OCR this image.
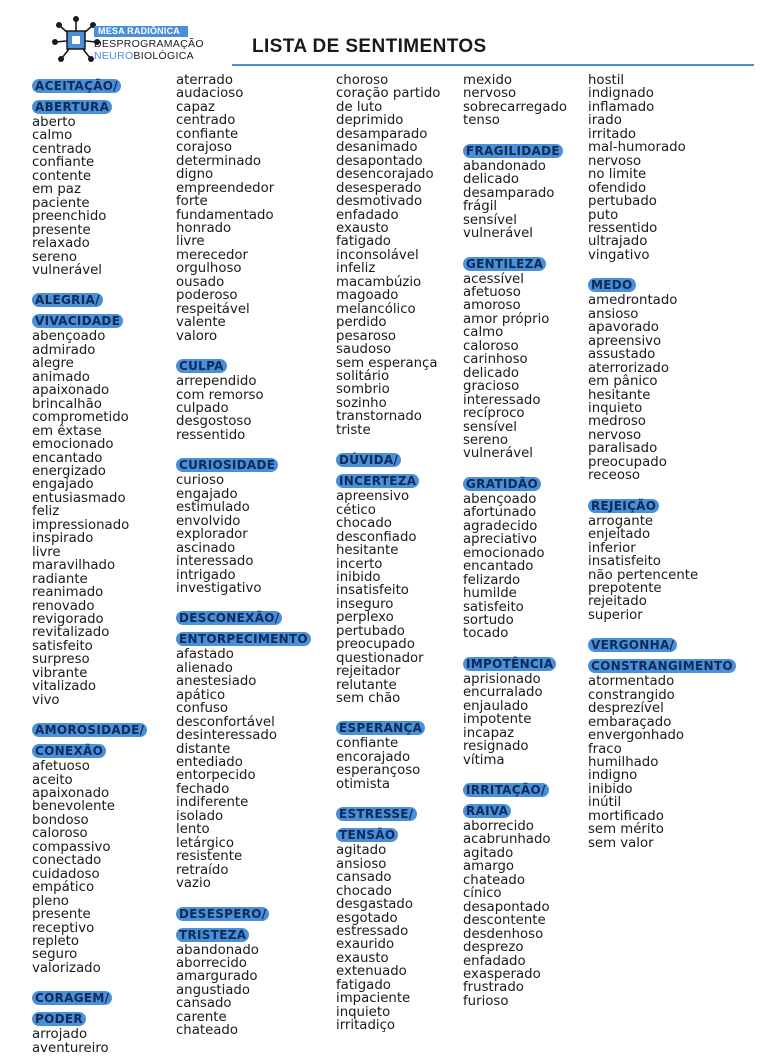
MESA RADIÔNICA
DESPROGRAMAÇÃO
NEUROBIOLÓGICA	LISTA DE SENTIMENTOS
ACEITAÇÃO/
ABERTURA
aberto
calmo
centrado
confiante
contente
em paz
paciente
preenchido
presente
relaxado
sereno
vulnerável
ALEGRIA/
VIVACIDADE
abençoado
admirado
alegre
animado
apaixonado
brincalhão
comprometido
em êxtase
emocionado
encantado
energizado
engajado
entusiasmado
feliz
impressionado
inspirado
livre
maravilhado
radiante
reanimado
renovado
revigorado
revitalizado
satisfeito
surpreso
vibrante
vitalizado
vivo
AMOROSIDADE/
CONEXÃO
afetuoso
aceito
apaixonado
benevolente
bondoso
caloroso
compassivo
conectado
cuidadoso
empático
pleno
presente
receptivo
repleto
seguro
valorizado
CORAGEM/
PODER
arrojado
aventureiro
aterrado
audacioso
capaz
centrado
confiante
corajoso
determinado
digno
empreendedor
forte
fundamentado
honrado
livre
merecedor
orgulhoso
ousado
poderoso
respeitável
valente
valoro
CULPA
arrependido
com remorso
culpado
desgostoso
ressentido
CURIOSIDADE
curioso
engajado
estimulado
envolvido
explorador
ascinado
interessado
intrigado
investigativo
DESCONEXÃO/
ENTORPECIMENTO
afastado
alienado
anestesiado
apático
confuso
desconfortável
desinteressado
distante
entediado
entorpecido
fechado
indiferente
isolado
lento
letárgico
resistente
retraído
vazio
DESESPERO/
TRISTEZA
abandonado
aborrecido
amargurado
angustiado
cansado
carente
chateado
choroso
coração partido
de luto
deprimido
desamparado
desanimado
desapontado
desencorajado
desesperado
desmotivado
enfadado
exausto
fatigado
inconsolável
infeliz
macambúzio
magoado
melancólico
perdido
pesaroso
saudoso
sem esperança
solitário
sombrio
sozinho
transtornado
triste
DÚVIDA/
INCERTEZA
apreensivo
cético
chocado
desconfiado
hesitante
incerto
inibido
insatisfeito
inseguro
perplexo
pertubado
preocupado
questionador
rejeitador
relutante
sem chão
ESPERANÇA
confiante
encorajado
esperançoso
otimista
ESTRESSE/
TENSÃO
agitado
ansioso
cansado
chocado
desgastado
esgotado
estressado
exaurido
exausto
extenuado
fatigado
impaciente
inquieto
irritadiço
mexido
nervoso
sobrecarregado
tenso
FRAGILIDADE
abandonado
delicado
desamparado
frágil
sensível
vulnerável
GENTILEZA
acessível
afetuoso
amoroso
amor próprio
calmo
caloroso
carinhoso
delicado
gracioso
interessado
recíproco
sensível
sereno
vulnerável
GRATIDÃO
abençoado
afortunado
agradecido
apreciativo
emocionado
encantado
felizardo
humilde
satisfeito
sortudo
tocado
IMPOTÊNCIA
aprisionado
encurralado
enjaulado
impotente
incapaz
resignado
vítima
IRRITAÇÃO/
RAIVA
aborrecido
acabrunhado
agitado
amargo
chateado
cínico
desapontado
descontente
desdenhoso
desprezo
enfadado
exasperado
frustrado
furioso
hostil
indignado
inflamado
irado
irritado
mal-humorado
nervoso
no limite
ofendido
pertubado
puto
ressentido
ultrajado
vingativo
MEDO
amedrontado
ansioso
apavorado
apreensivo
assustado
aterrorizado
em pânico
hesitante
inquieto
medroso
nervoso
paralisado
preocupado
receoso
REJEIÇÃO
arrogante
enjeitado
inferior
insatisfeito
não pertencente
prepotente
rejeitado
superior
VERGONHA/
CONSTRANGIMENTO
atormentado
constrangido
desprezível
embaraçado
envergonhado
fraco
humilhado
indigno
inibido
inútil
mortificado
sem mérito
sem valor
